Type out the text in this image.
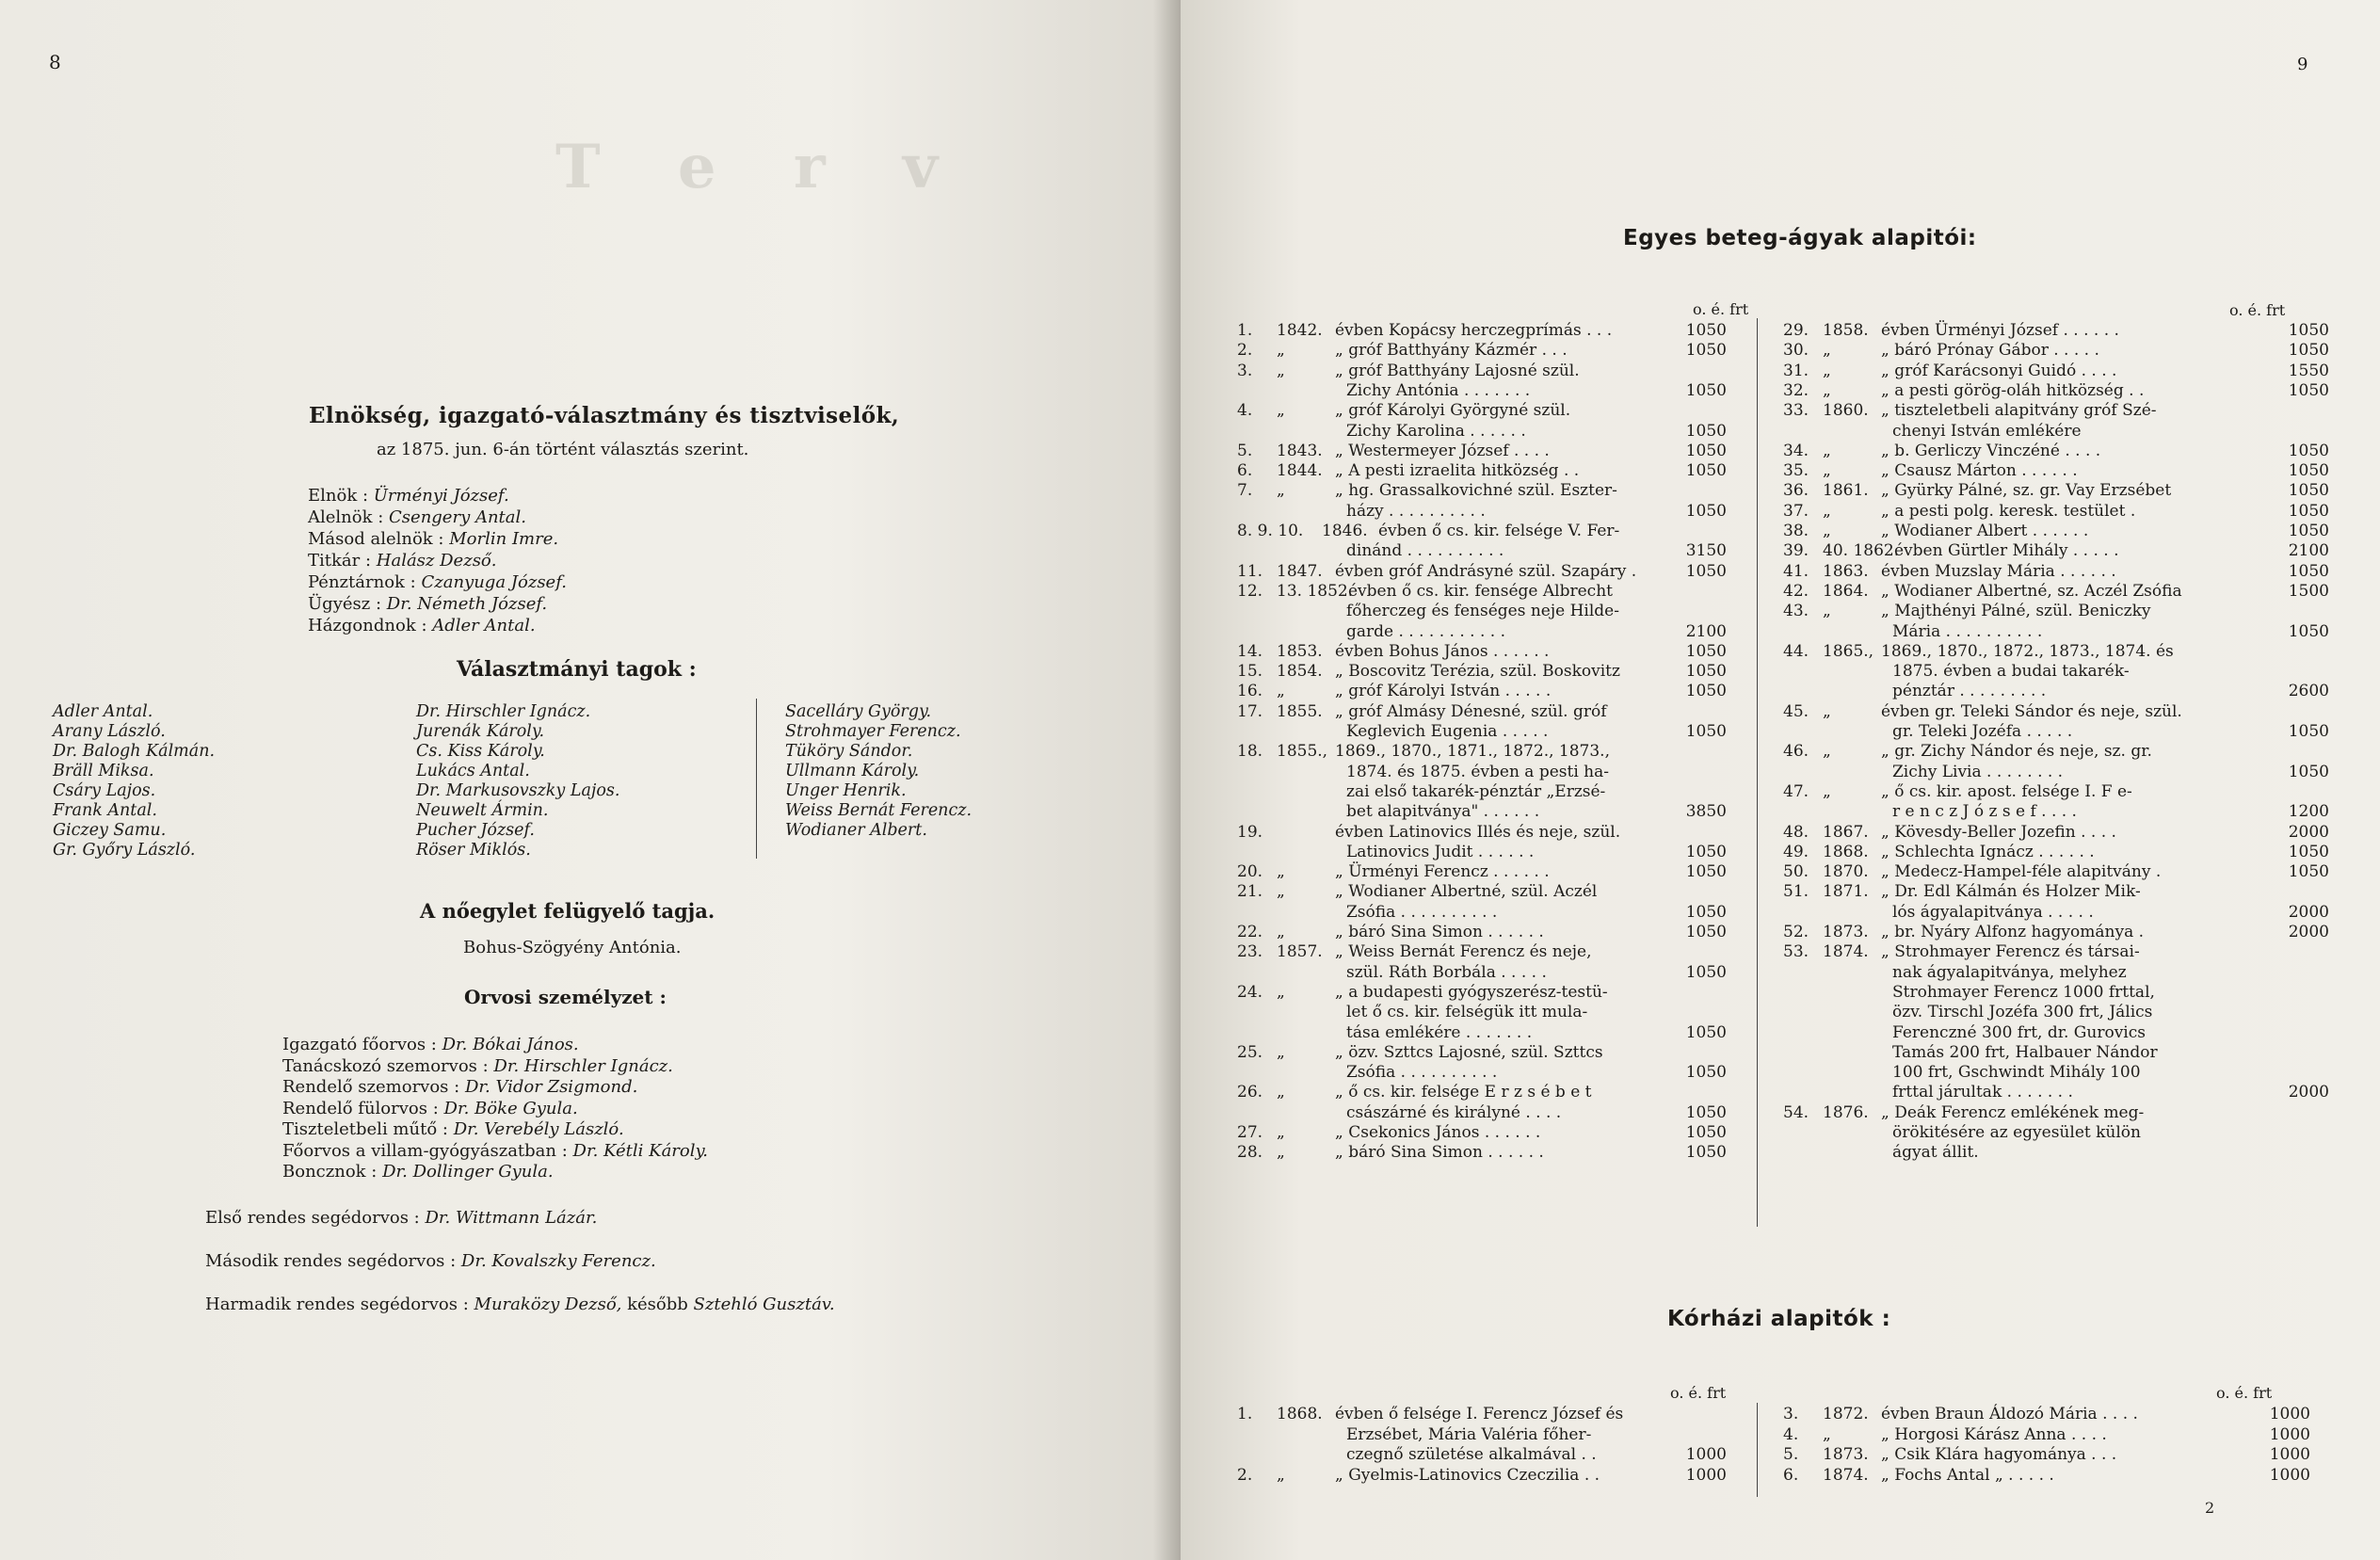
8
T e r v
Elnökség, igazgató-választmány és tisztviselők,
az 1875. jun. 6-án történt választás szerint.
Elnök : Ürményi József.
Alelnök : Csengery Antal.
Másod alelnök : Morlin Imre.
Titkár : Halász Dezső.
Pénztárnok : Czanyuga József.
Ügyész : Dr. Németh József.
Házgondnok : Adler Antal.
Választmányi tagok :
Adler Antal.
Arany László.
Dr. Balogh Kálmán.
Bräll Miksa.
Csáry Lajos.
Frank Antal.
Giczey Samu.
Gr. Győry László.
Dr. Hirschler Ignácz.
Jurenák Károly.
Cs. Kiss Károly.
Lukács Antal.
Dr. Markusovszky Lajos.
Neuwelt Ármin.
Pucher József.
Röser Miklós.
Sacelláry György.
Strohmayer Ferencz.
Tüköry Sándor.
Ullmann Károly.
Unger Henrik.
Weiss Bernát Ferencz.
Wodianer Albert.
A nőegylet felügyelő tagja.
Bohus-Szögyény Antónia.
Orvosi személyzet :
Igazgató főorvos : Dr. Bókai János.
Tanácskozó szemorvos : Dr. Hirschler Ignácz.
Rendelő szemorvos : Dr. Vidor Zsigmond.
Rendelő fülorvos : Dr. Böke Gyula.
Tiszteletbeli műtő : Dr. Verebély László.
Főorvos a villam-gyógyászatban : Dr. Kétli Károly.
Boncznok : Dr. Dollinger Gyula.
Első rendes segédorvos : Dr. Wittmann Lázár.
Második rendes segédorvos : Dr. Kovalszky Ferencz.
Harmadik rendes segédorvos : Muraközy Dezső, később Sztehló Gusztáv.
9
Egyes beteg-ágyak alapitói:
o. é. frt	o. é. frt
1. 1842. évben Kopácsy herczegprímás . . .	1050
2. „	„ gróf Batthyány Kázmér . . .	1050
3. „	„ gróf Batthyány Lajosné szül.
Zichy Antónia . . . . . . .	1050
4. „	„ gróf Károlyi Györgyné szül.
Zichy Karolina . . . . . .	1050
5. 1843. „ Westermeyer József . . . .	1050
6. 1844. „ A pesti izraelita hitközség . .	1050
7. „	„ hg. Grassalkovichné szül. Eszter-
házy . . . . . . . . . .	1050
8. 9. 10. 1846. évben ő cs. kir. felsége V. Fer-
dinánd . . . . . . . . . .	3150
11. 1847. évben gróf Andrásyné szül. Szapáry .	1050
12. 13. 1852.
évben ő cs. kir. fensége Albrecht
főherczeg és fenséges neje Hilde-
garde . . . . . . . . . . .	2100
14. 1853. évben Bohus János . . . . . .	1050
15. 1854. „ Boscovitz Terézia, szül. Boskovitz	1050
16. „	„ gróf Károlyi István . . . . .	1050
17. 1855. „ gróf Almásy Dénesné, szül. gróf
Keglevich Eugenia . . . . .	1050
18. 1855., 1869., 1870., 1871., 1872., 1873.,
1874. és 1875. évben a pesti ha-
zai első takarék-pénztár „Erzsé-
bet alapitványa" . . . . . .	3850
19.	évben Latinovics Illés és neje, szül.
Latinovics Judit . . . . . .	1050
20. „	„ Ürményi Ferencz . . . . . .	1050
21. „	„ Wodianer Albertné, szül. Aczél
Zsófia . . . . . . . . . .	1050
22. „	„ báró Sina Simon . . . . . .	1050
23. 1857. „ Weiss Bernát Ferencz és neje,
szül. Ráth Borbála . . . . .	1050
24. „	„ a budapesti gyógyszerész-testü-
let ő cs. kir. felségük itt mula-
tása emlékére . . . . . . .	1050
25. „	„ özv. Szttcs Lajosné, szül. Szttcs
Zsófia . . . . . . . . . .	1050
26. „	„ ő cs. kir. felsége E r z s é b e t
császárné és királyné . . . .	1050
27. „	„ Csekonics János . . . . . .	1050
28. „	„ báró Sina Simon . . . . . .	1050
29. 1858. évben Ürményi József . . . . . .	1050
30. „	„ báró Prónay Gábor . . . . .	1050
31. „	„ gróf Karácsonyi Guidó . . . .	1550
32. „	„ a pesti görög-oláh hitközség . .	1050
33. 1860. „ tiszteletbeli alapitvány gróf Szé-
chenyi István emlékére
34. „	„ b. Gerliczy Vinczéné . . . .	1050
35. „	„ Csausz Márton . . . . . .	1050
36. 1861. „ Gyürky Pálné, sz. gr. Vay Erzsébet	1050
37. „	„ a pesti polg. keresk. testület .	1050
38. „	„ Wodianer Albert . . . . . .	1050
39. 40. 1862.
évben Gürtler Mihály . . . . .	2100
41. 1863. évben Muzslay Mária . . . . . .	1050
42. 1864. „ Wodianer Albertné, sz. Aczél Zsófia	1500
43. „	„ Majthényi Pálné, szül. Beniczky
Mária . . . . . . . . . .	1050
44. 1865., 1869., 1870., 1872., 1873., 1874. és
1875. évben a budai takarék-
pénztár . . . . . . . . .	2600
45. „	évben gr. Teleki Sándor és neje, szül.
gr. Teleki Jozéfa . . . . .	1050
46. „	„ gr. Zichy Nándor és neje, sz. gr.
Zichy Livia . . . . . . . .	1050
47. „	„ ő cs. kir. apost. felsége I. F e-
r e n c z J ó z s e f . . . .	1200
48. 1867. „ Kövesdy-Beller Jozefin . . . .	2000
49. 1868. „ Schlechta Ignácz . . . . . .	1050
50. 1870. „ Medecz-Hampel-féle alapitvány .	1050
51. 1871. „ Dr. Edl Kálmán és Holzer Mik-
lós ágyalapitványa . . . . .	2000
52. 1873. „ br. Nyáry Alfonz hagyománya .	2000
53. 1874. „ Strohmayer Ferencz és társai-
nak ágyalapitványa, melyhez
Strohmayer Ferencz 1000 frttal,
özv. Tirschl Jozéfa 300 frt, Jálics
Ferenczné 300 frt, dr. Gurovics
Tamás 200 frt, Halbauer Nándor
100 frt, Gschwindt Mihály 100
frttal járultak . . . . . . .	2000
54. 1876. „ Deák Ferencz emlékének meg-
örökitésére az egyesület külön
ágyat állit.
Kórházi alapitók :
o. é. frt	o. é. frt
1. 1868. évben ő felsége I. Ferencz József és
Erzsébet, Mária Valéria főher-
czegnő születése alkalmával . .	1000
2. „	„ Gyelmis-Latinovics Czeczilia . .	1000
3. 1872. évben Braun Áldozó Mária . . . .	1000
4. „	„ Horgosi Kárász Anna . . . .	1000
5. 1873. „ Csik Klára hagyománya . . .	1000
6. 1874. „ Fochs Antal „ . . . . .	1000
2
